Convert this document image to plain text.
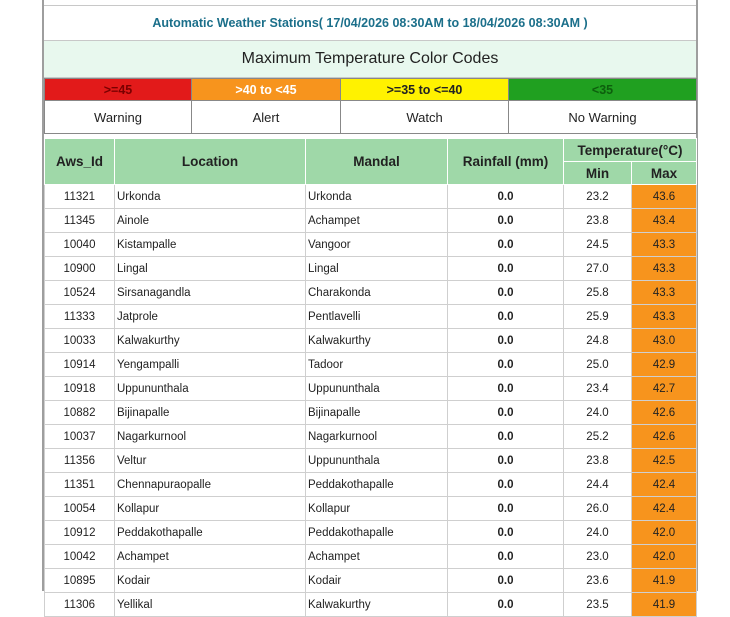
Automatic Weather Stations( 17/04/2026 08:30AM to 18/04/2026 08:30AM )
Maximum Temperature Color Codes
>=45	>40 to <45	>=35 to <=40	<35
Warning	Alert	Watch	No Warning
Aws_Id	Location	Mandal	Rainfall (mm)	Temperature(°C)	
				Min	Max
11321	Urkonda	Urkonda	0.0	23.2	43.6
11345	Ainole	Achampet	0.0	23.8	43.4
10040	Kistampalle	Vangoor	0.0	24.5	43.3
10900	Lingal	Lingal	0.0	27.0	43.3
10524	Sirsanagandla	Charakonda	0.0	25.8	43.3
11333	Jatprole	Pentlavelli	0.0	25.9	43.3
10033	Kalwakurthy	Kalwakurthy	0.0	24.8	43.0
10914	Yengampalli	Tadoor	0.0	25.0	42.9
10918	Uppununthala	Uppununthala	0.0	23.4	42.7
10882	Bijinapalle	Bijinapalle	0.0	24.0	42.6
10037	Nagarkurnool	Nagarkurnool	0.0	25.2	42.6
11356	Veltur	Uppununthala	0.0	23.8	42.5
11351	Chennapuraopalle	Peddakothapalle	0.0	24.4	42.4
10054	Kollapur	Kollapur	0.0	26.0	42.4
10912	Peddakothapalle	Peddakothapalle	0.0	24.0	42.0
10042	Achampet	Achampet	0.0	23.0	42.0
10895	Kodair	Kodair	0.0	23.6	41.9
11306	Yellikal	Kalwakurthy	0.0	23.5	41.9
